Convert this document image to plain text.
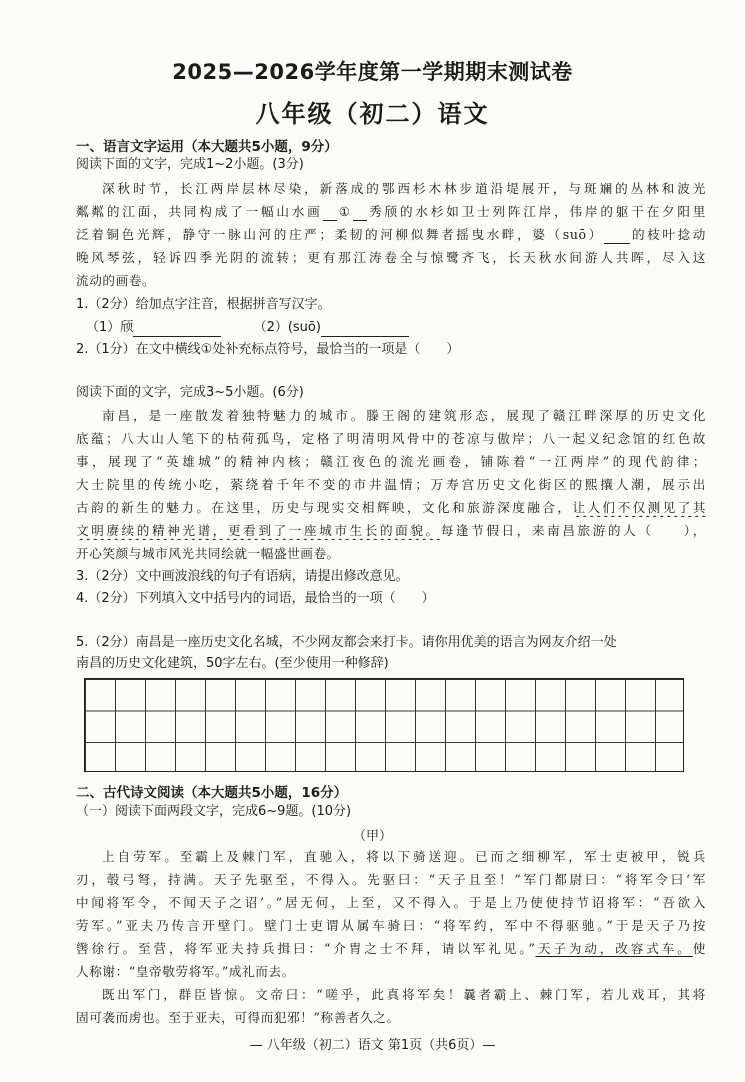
2025—2026学年度第一学期期末测试卷
八年级（初二）语文
一、语言文字运用（本大题共5小题，9分）
阅读下面的文字，完成1~2小题。(3分)
深秋时节，长江两岸层林尽染，新落成的鄂西杉木林步道沿堤展开，与斑斓的丛林和波光
粼粼的江面，共同构成了一幅山水画 ① 秀颀的水杉如卫士列阵江岸，伟岸的躯干在夕阳里
泛着铜色光辉，静守一脉山河的庄严；柔韧的河柳似舞者摇曳水畔，婆（suō） 的枝叶捻动
晚风琴弦，轻诉四季光阴的流转；更有那江涛卷全与惊鹭齐飞，长天秋水间游人共晖，尽入这
流动的画卷。
1.（2分）给加点字注音，根据拼音写汉字。
（1）颀	（2）(suō)
2.（1分）在文中横线①处补充标点符号，最恰当的一项是（　　）
阅读下面的文字，完成3~5小题。(6分)
南昌，是一座散发着独特魅力的城市。滕王阁的建筑形态，展现了赣江畔深厚的历史文化
底蕴；八大山人笔下的枯荷孤鸟，定格了明清明风骨中的苍凉与傲岸；八一起义纪念馆的红色故
事，展现了“英雄城”的精神内核；赣江夜色的流光画卷，铺陈着“一江两岸”的现代韵律；
大士院里的传统小吃，萦绕着千年不变的市井温情；万寿宫历史文化街区的熙攘人潮，展示出
古韵的新生的魅力。在这里，历史与现实交相辉映，文化和旅游深度融合，让人们不仅测见了其
文明赓续的精神光谱，更看到了一座城市生长的面貌。每逢节假日，来南昌旅游的人（　　），
开心笑颜与城市风光共同绘就一幅盛世画卷。
3.（2分）文中画波浪线的句子有语病，请提出修改意见。
4.（2分）下列填入文中括号内的词语，最恰当的一项（　　）
5.（2分）南昌是一座历史文化名城，不少网友都会来打卡。请你用优美的语言为网友介绍一处
南昌的历史文化建筑，50字左右。(至少使用一种修辞)
二、古代诗文阅读（本大题共5小题，16分）
（一）阅读下面两段文字，完成6~9题。(10分)
（甲）
上自劳军。至霸上及棘门军，直驰入，将以下骑送迎。已而之细柳军，军士吏被甲，锐兵
刃，彀弓弩，持满。天子先驱至，不得入。先驱曰：“天子且至！”军门都尉曰：“将军令曰‘军
中闻将军令，不闻天子之诏’。”居无何，上至，又不得入。于是上乃使使持节诏将军：“吾欲入
劳军。”亚夫乃传言开壁门。壁门士吏谓从属车骑曰：“将军约，军中不得驱驰。”于是天子乃按
辔徐行。至营，将军亚夫持兵揖曰：“介胄之士不拜，请以军礼见。”天子为动，改容式车。使
人称谢：“皇帝敬劳将军。”成礼而去。
既出军门，群臣皆惊。文帝曰：“嗟乎，此真将军矣！曩者霸上、棘门军，若儿戏耳，其将
固可袭而虏也。至于亚夫，可得而犯邪！”称善者久之。
— 八年级（初二）语文 第1页（共6页）—
